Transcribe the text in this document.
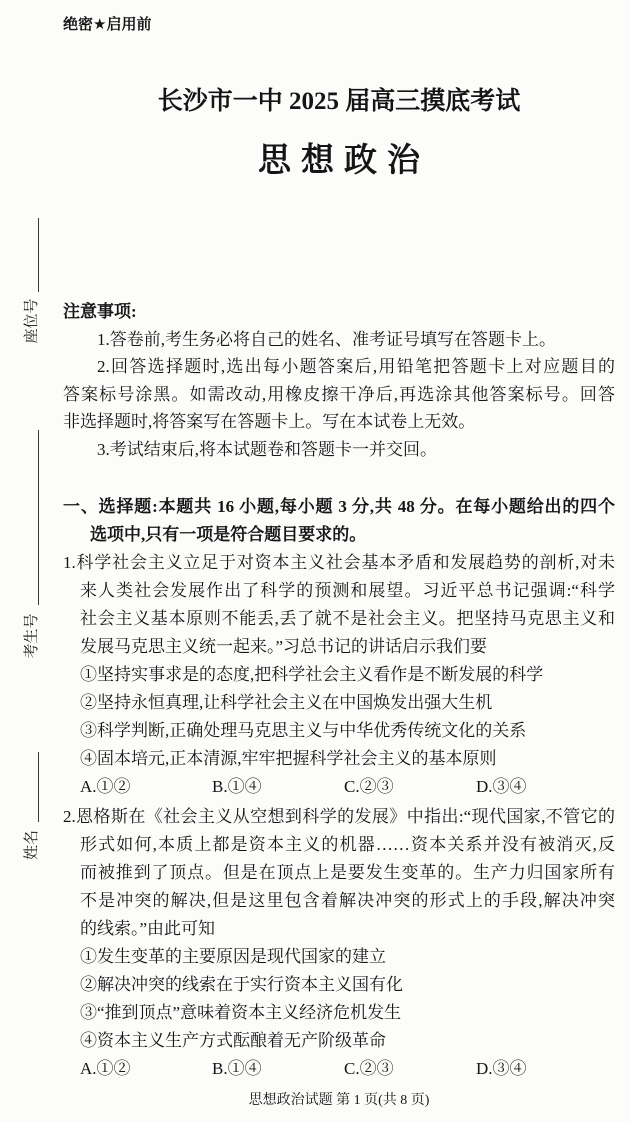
绝密★启用前
长沙市一中 2025 届高三摸底考试
思想政治
座位号
考生号
姓名
注意事项:
1.答卷前,考生务必将自己的姓名、准考证号填写在答题卡上。
2.回答选择题时,选出每小题答案后,用铅笔把答题卡上对应题目的
答案标号涂黑。如需改动,用橡皮擦干净后,再选涂其他答案标号。回答
非选择题时,将答案写在答题卡上。写在本试卷上无效。
3.考试结束后,将本试题卷和答题卡一并交回。
一、选择题:本题共 16 小题,每小题 3 分,共 48 分。在每小题给出的四个
选项中,只有一项是符合题目要求的。
1.科学社会主义立足于对资本主义社会基本矛盾和发展趋势的剖析,对未
来人类社会发展作出了科学的预测和展望。习近平总书记强调:“科学
社会主义基本原则不能丢,丢了就不是社会主义。把坚持马克思主义和
发展马克思主义统一起来。”习总书记的讲话启示我们要
①坚持实事求是的态度,把科学社会主义看作是不断发展的科学
②坚持永恒真理,让科学社会主义在中国焕发出强大生机
③科学判断,正确处理马克思主义与中华优秀传统文化的关系
④固本培元,正本清源,牢牢把握科学社会主义的基本原则
A.①②	B.①④	C.②③	D.③④
2.恩格斯在《社会主义从空想到科学的发展》中指出:“现代国家,不管它的
形式如何,本质上都是资本主义的机器……资本关系并没有被消灭,反
而被推到了顶点。但是在顶点上是要发生变革的。生产力归国家所有
不是冲突的解决,但是这里包含着解决冲突的形式上的手段,解决冲突
的线索。”由此可知
①发生变革的主要原因是现代国家的建立
②解决冲突的线索在于实行资本主义国有化
③“推到顶点”意味着资本主义经济危机发生
④资本主义生产方式酝酿着无产阶级革命
A.①②	B.①④	C.②③	D.③④
思想政治试题 第 1 页(共 8 页)
